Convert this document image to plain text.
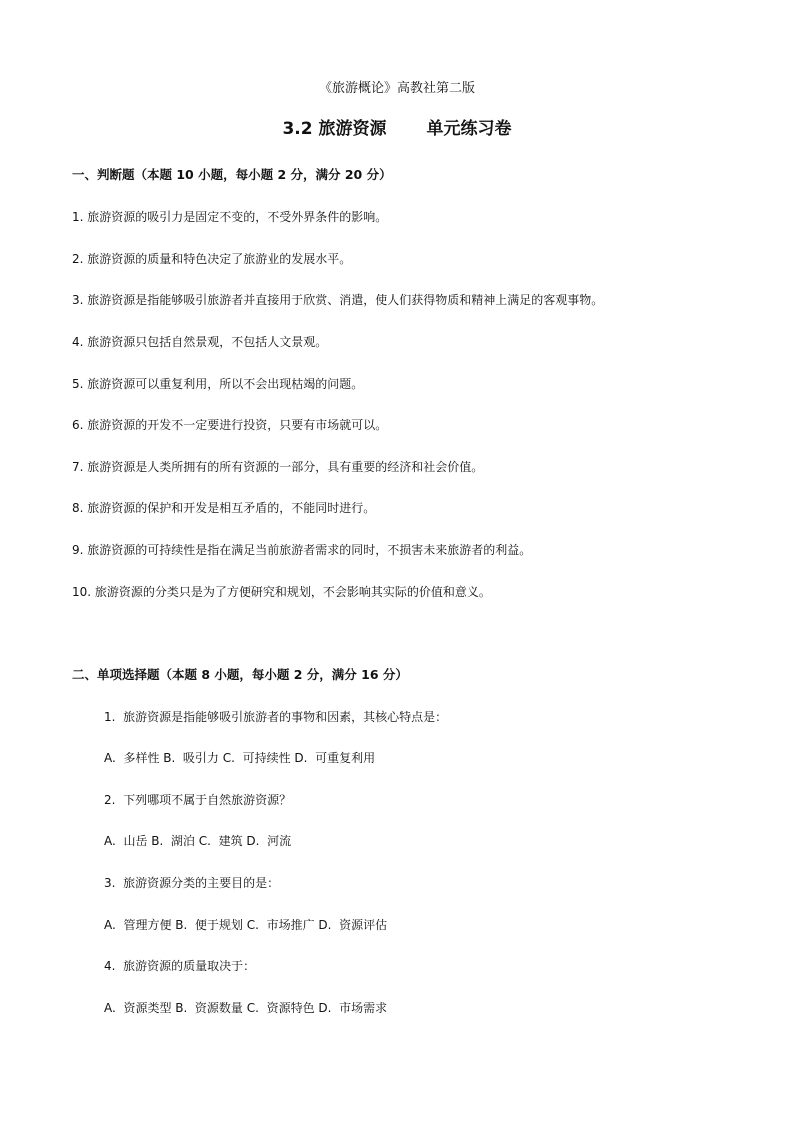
《旅游概论》高教社第二版
3.2 旅游资源 单元练习卷
一、判断题（本题 10 小题，每小题 2 分，满分 20 分）
1. 旅游资源的吸引力是固定不变的，不受外界条件的影响。
2. 旅游资源的质量和特色决定了旅游业的发展水平。
3. 旅游资源是指能够吸引旅游者并直接用于欣赏、消遣，使人们获得物质和精神上满足的客观事物。
4. 旅游资源只包括自然景观，不包括人文景观。
5. 旅游资源可以重复利用，所以不会出现枯竭的问题。
6. 旅游资源的开发不一定要进行投资，只要有市场就可以。
7. 旅游资源是人类所拥有的所有资源的一部分，具有重要的经济和社会价值。
8. 旅游资源的保护和开发是相互矛盾的，不能同时进行。
9. 旅游资源的可持续性是指在满足当前旅游者需求的同时，不损害未来旅游者的利益。
10. 旅游资源的分类只是为了方便研究和规划，不会影响其实际的价值和意义。
二、单项选择题（本题 8 小题，每小题 2 分，满分 16 分）
1.  旅游资源是指能够吸引旅游者的事物和因素，其核心特点是：
A.  多样性 B.  吸引力 C.  可持续性 D.  可重复利用
2.  下列哪项不属于自然旅游资源？
A.  山岳 B.  湖泊 C.  建筑 D.  河流
3.  旅游资源分类的主要目的是：
A.  管理方便 B.  便于规划 C.  市场推广 D.  资源评估
4.  旅游资源的质量取决于：
A.  资源类型 B.  资源数量 C.  资源特色 D.  市场需求
